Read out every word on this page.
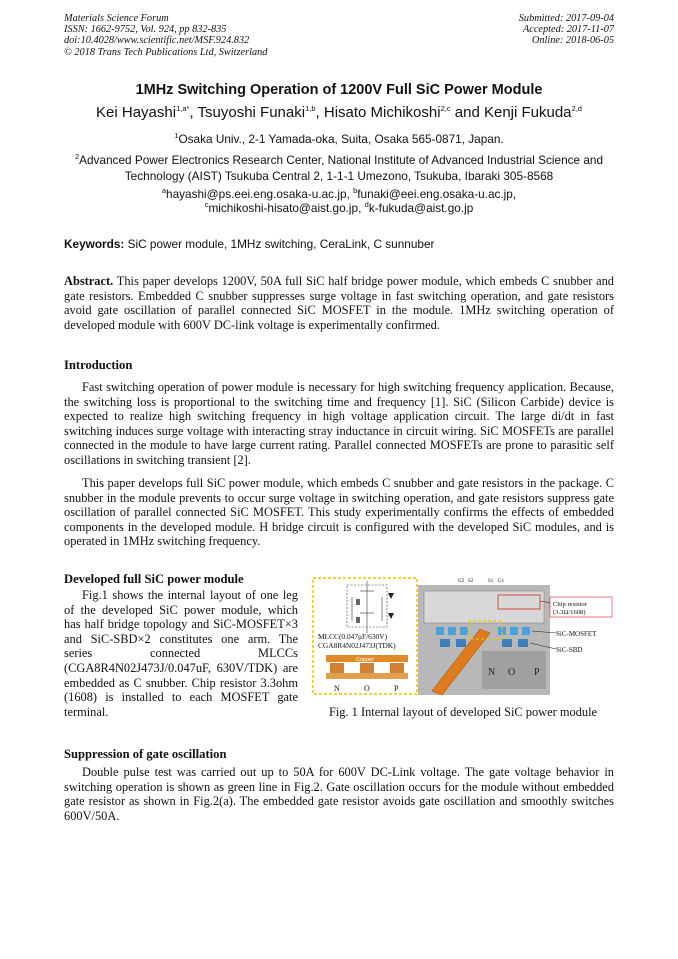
Materials Science Forum
ISSN: 1662-9752, Vol. 924, pp 832-835
doi:10.4028/www.scientific.net/MSF.924.832
© 2018 Trans Tech Publications Ltd, Switzerland
Submitted: 2017-09-04
Accepted: 2017-11-07
Online: 2018-06-05
1MHz Switching Operation of 1200V Full SiC Power Module
Kei Hayashi$^{1,a*}$, Tsuyoshi Funaki$^{1,b}$, Hisato Michikoshi$^{2,c}$ and Kenji Fukuda$^{2,d}$
$^1$Osaka Univ., 2-1 Yamada-oka, Suita, Osaka 565-0871, Japan.
$^2$Advanced Power Electronics Research Center, National Institute of Advanced Industrial Science and Technology (AIST) Tsukuba Central 2, 1-1-1 Umezono, Tsukuba, Ibaraki 305-8568
$^a$hayashi@ps.eei.eng.osaka-u.ac.jp, $^b$funaki@eei.eng.osaka-u.ac.jp,
$^c$michikoshi-hisato@aist.go.jp, $^d$k-fukuda@aist.go.jp
Keywords: SiC power module, 1MHz switching, CeraLink, C sunnuber
Abstract. This paper develops 1200V, 50A full SiC half bridge power module, which embeds C snubber and gate resistors. Embedded C snubber suppresses surge voltage in fast switching operation, and gate resistors avoid gate oscillation of parallel connected SiC MOSFET in the module. 1MHz switching operation of developed module with 600V DC-link voltage is experimentally confirmed.
Introduction
Fast switching operation of power module is necessary for high switching frequency application. Because, the switching loss is proportional to the switching time and frequency [1]. SiC (Silicon Carbide) device is expected to realize high switching frequency in high voltage application circuit. The large di/dt in fast switching induces surge voltage with interacting stray inductance in circuit wiring. SiC MOSFETs are parallel connected in the module to have large current rating. Parallel connected MOSFETs are prone to parasitic self oscillations in switching transient [2].
This paper develops full SiC power module, which embeds C snubber and gate resistors in the package. C snubber in the module prevents to occur surge voltage in switching operation, and gate resistors suppress gate oscillation of parallel connected SiC MOSFET. This study experimentally confirms the effects of embedded components in the developed module. H bridge circuit is configured with the developed SiC modules, and is operated in 1MHz switching frequency.
Developed full SiC power module
Fig.1 shows the internal layout of one leg of the developed SiC power module, which has half bridge topology and SiC-MOSFET×3 and SiC-SBD×2 constitutes one arm. The series connected MLCCs (CGA8R4N02J473J/0.047uF, 630V/TDK) are embedded as C snubber. Chip resistor 3.3ohm (1608) is installed to each MOSFET gate terminal.
MLCC(0.047μF/630V)
CGA8R4N02J473J(TDK)
Copper
N	O	P
G2 S2	S1 G1
N O P
Chip resistor
(3.3Ω/1608)
SiC-MOSFET
SiC-SBD
Fig. 1 Internal layout of developed SiC power module
Suppression of gate oscillation
Double pulse test was carried out up to 50A for 600V DC-Link voltage. The gate voltage behavior in switching operation is shown as green line in Fig.2. Gate oscillation occurs for the module without embedded gate resistor as shown in Fig.2(a). The embedded gate resistor avoids gate oscillation and smoothly switches 600V/50A.
